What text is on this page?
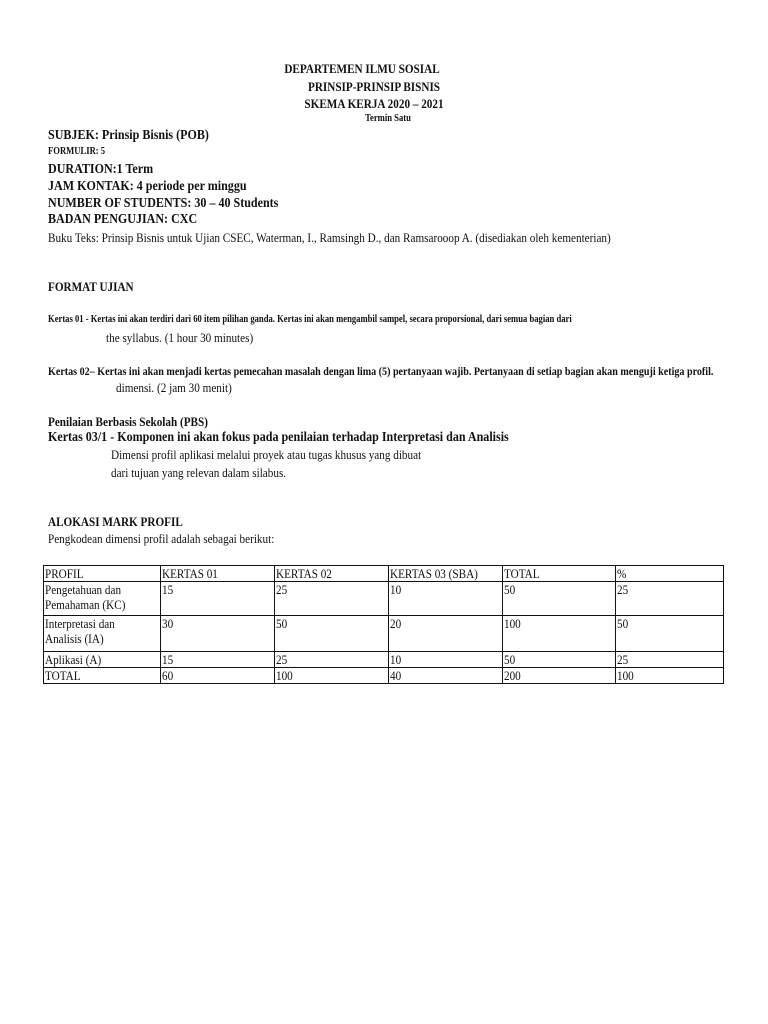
DEPARTEMEN ILMU SOSIAL
PRINSIP-PRINSIP BISNIS
SKEMA KERJA 2020 – 2021
Termin Satu
SUBJEK: Prinsip Bisnis (POB)
FORMULIR: 5
DURATION:1 Term
JAM KONTAK: 4 periode per minggu
NUMBER OF STUDENTS: 30 – 40 Students
BADAN PENGUJIAN: CXC
Buku Teks: Prinsip Bisnis untuk Ujian CSEC, Waterman, I., Ramsingh D., dan Ramsarooop A. (disediakan oleh kementerian)
FORMAT UJIAN
Kertas 01 - Kertas ini akan terdiri dari 60 item pilihan ganda. Kertas ini akan mengambil sampel, secara proporsional, dari semua bagian dari
the syllabus. (1 hour 30 minutes)
Kertas 02– Kertas ini akan menjadi kertas pemecahan masalah dengan lima (5) pertanyaan wajib. Pertanyaan di setiap bagian akan menguji ketiga profil.
dimensi. (2 jam 30 menit)
Penilaian Berbasis Sekolah (PBS)
Kertas 03/1 - Komponen ini akan fokus pada penilaian terhadap Interpretasi dan Analisis
Dimensi profil aplikasi melalui proyek atau tugas khusus yang dibuat
dari tujuan yang relevan dalam silabus.
ALOKASI MARK PROFIL
Pengkodean dimensi profil adalah sebagai berikut:
PROFIL	KERTAS 01	KERTAS 02	KERTAS 03 (SBA)	TOTAL	%
Pengetahuan dan
Pemahaman (KC)	15	25	10	50	25
Interpretasi dan
Analisis (IA)	30	50	20	100	50
Aplikasi (A)	15	25	10	50	25
TOTAL	60	100	40	200	100
